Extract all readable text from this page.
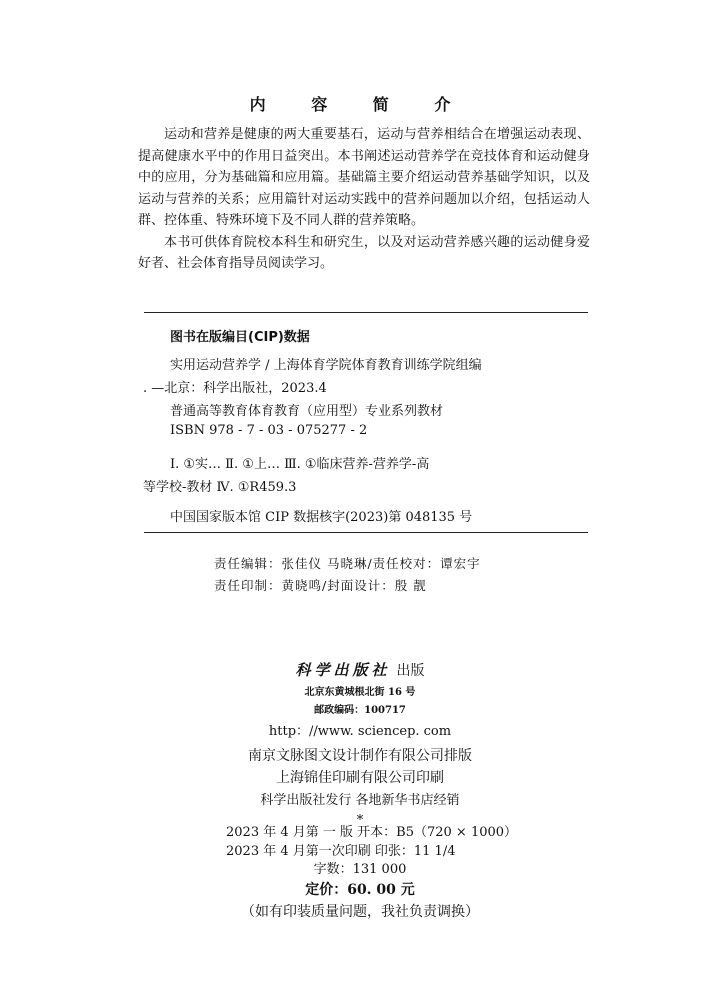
内 容 简 介

运动和营养是健康的两大重要基石，运动与营养相结合在增强运动表现、提高健康水平中的作用日益突出。本书阐述运动营养学在竞技体育和运动健身中的应用，分为基础篇和应用篇。基础篇主要介绍运动营养基础学知识，以及运动与营养的关系；应用篇针对运动实践中的营养问题加以介绍，包括运动人群、控体重、特殊环境下及不同人群的营养策略。

本书可供体育院校本科生和研究生，以及对运动营养感兴趣的运动健身爱好者、社会体育指导员阅读学习。

图书在版编目(CIP)数据
实用运动营养学 / 上海体育学院体育教育训练学院组编
. —北京：科学出版社，2023.4
普通高等教育体育教育（应用型）专业系列教材
ISBN 978 - 7 - 03 - 075277 - 2
Ⅰ. ①实… Ⅱ. ①上… Ⅲ. ①临床营养-营养学-高
等学校-教材 Ⅳ. ①R459.3
中国国家版本馆 CIP 数据核字(2023)第 048135 号
责任编辑：张佳仪 马晓琳/责任校对：谭宏宇
责任印制：黄晓鸣/封面设计：殷 靓
科学出版社 出版
北京东黄城根北街 16 号
邮政编码：100717
http：//www. sciencep. com
南京文脉图文设计制作有限公司排版
上海锦佳印刷有限公司印刷
科学出版社发行 各地新华书店经销
*
2023 年 4 月第 一 版 开本：B5（720 × 1000）
2023 年 4 月第一次印刷 印张：11 1/4
字数：131 000
定价：60. 00 元
（如有印装质量问题，我社负责调换）
